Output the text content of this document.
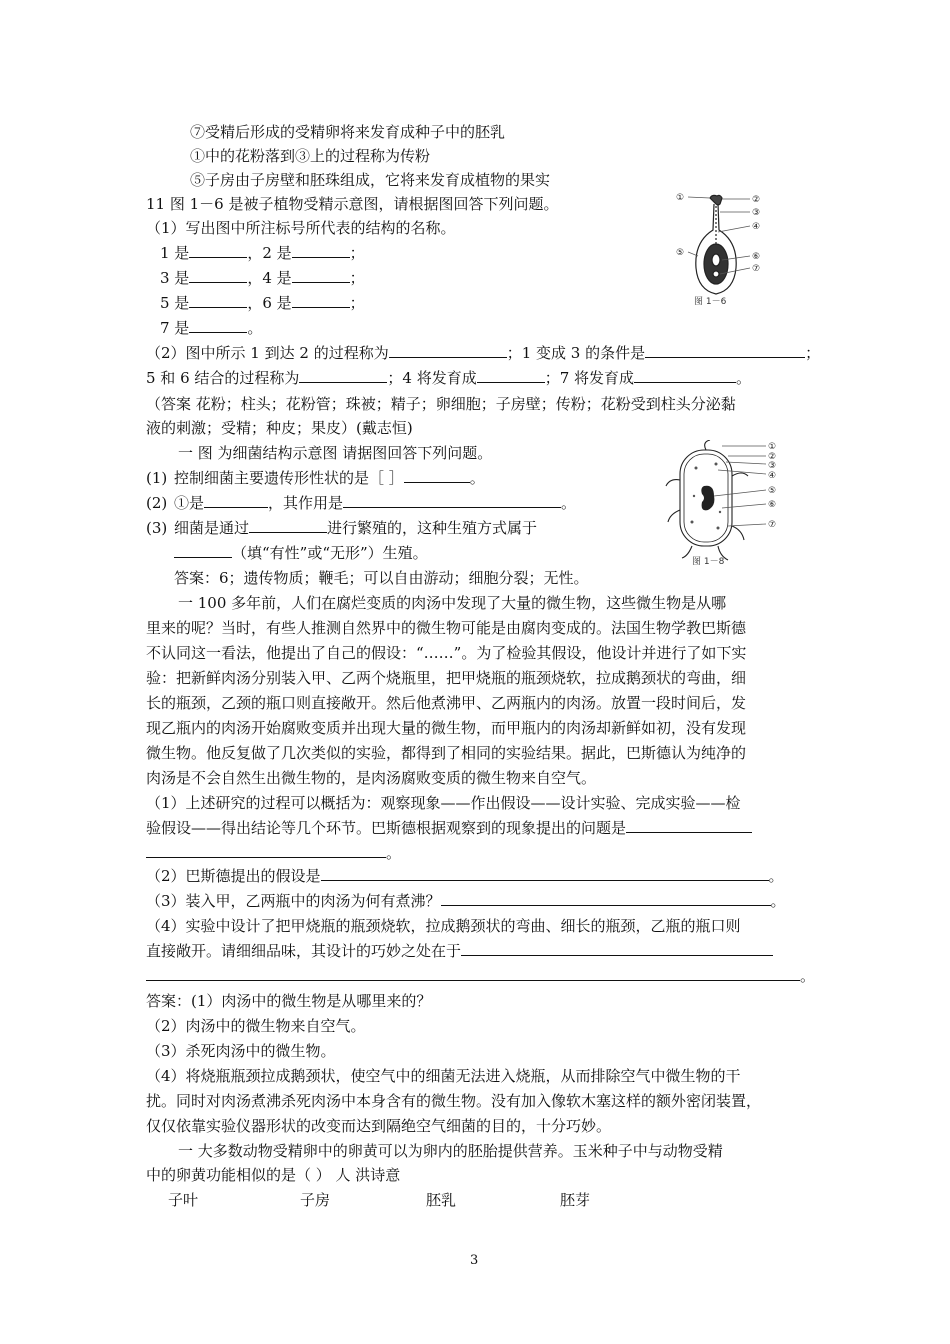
⑦受精后形成的受精卵将来发育成种子中的胚乳
①中的花粉落到③上的过程称为传粉
⑤子房由子房壁和胚珠组成，它将来发育成植物的果实
11 图 1－6 是被子植物受精示意图，请根据图回答下列问题。
（1）写出图中所注标号所代表的结构的名称。
1 是	，2 是	；
3 是	，4 是	；
5 是	，6 是	；
7 是	。
（2）图中所示 1 到达 2 的过程称为	；1 变成 3 的条件是	；
5 和 6 结合的过程称为	；4 将发育成	；7 将发育成	。
（答案 花粉；柱头；花粉管；珠被；精子；卵细胞；子房壁；传粉；花粉受到柱头分泌黏
液的刺激；受精；种皮；果皮）(戴志恒)
①	②
③
④
⑤	⑥
⑦
图 1－6
一 图 为细菌结构示意图 请据图回答下列问题。
(1) 控制细菌主要遗传形性状的是［ ］	。
(2) ①是	，其作用是	。
(3) 细菌是通过	进行繁殖的，这种生殖方式属于
（填“有性”或“无形”）生殖。
答案：6；遗传物质；鞭毛；可以自由游动；细胞分裂；无性。
①
②
③
④
⑤
⑥
⑦
图 1－8
一 100 多年前，人们在腐烂变质的肉汤中发现了大量的微生物，这些微生物是从哪
里来的呢？当时，有些人推测自然界中的微生物可能是由腐肉变成的。法国生物学教巴斯德
不认同这一看法，他提出了自己的假设：“……”。为了检验其假设，他设计并进行了如下实
验：把新鲜肉汤分别装入甲、乙两个烧瓶里，把甲烧瓶的瓶颈烧软，拉成鹅颈状的弯曲，细
长的瓶颈，乙颈的瓶口则直接敞开。然后他煮沸甲、乙两瓶内的肉汤。放置一段时间后，发
现乙瓶内的肉汤开始腐败变质并出现大量的微生物，而甲瓶内的肉汤却新鲜如初，没有发现
微生物。他反复做了几次类似的实验，都得到了相同的实验结果。据此，巴斯德认为纯净的
肉汤是不会自然生出微生物的，是肉汤腐败变质的微生物来自空气。
（1）上述研究的过程可以概括为：观察现象——作出假设——设计实验、完成实验——检
验假设——得出结论等几个环节。巴斯德根据观察到的现象提出的问题是
。
（2）巴斯德提出的假设是	。
（3）装入甲，乙两瓶中的肉汤为何有煮沸？	。
（4）实验中设计了把甲烧瓶的瓶颈烧软，拉成鹅颈状的弯曲、细长的瓶颈，乙瓶的瓶口则
直接敞开。请细细品味，其设计的巧妙之处在于
。
答案：(1）肉汤中的微生物是从哪里来的？
（2）肉汤中的微生物来自空气。
（3）杀死肉汤中的微生物。
（4）将烧瓶瓶颈拉成鹅颈状，使空气中的细菌无法进入烧瓶，从而排除空气中微生物的干
扰。同时对肉汤煮沸杀死肉汤中本身含有的微生物。没有加入像软木塞这样的额外密闭装置，
仅仅依靠实验仪器形状的改变而达到隔绝空气细菌的目的，十分巧妙。
一 大多数动物受精卵中的卵黄可以为卵内的胚胎提供营养。玉米种子中与动物受精
中的卵黄功能相似的是（ ） 人 洪诗意
子叶	子房	胚乳	胚芽
3
